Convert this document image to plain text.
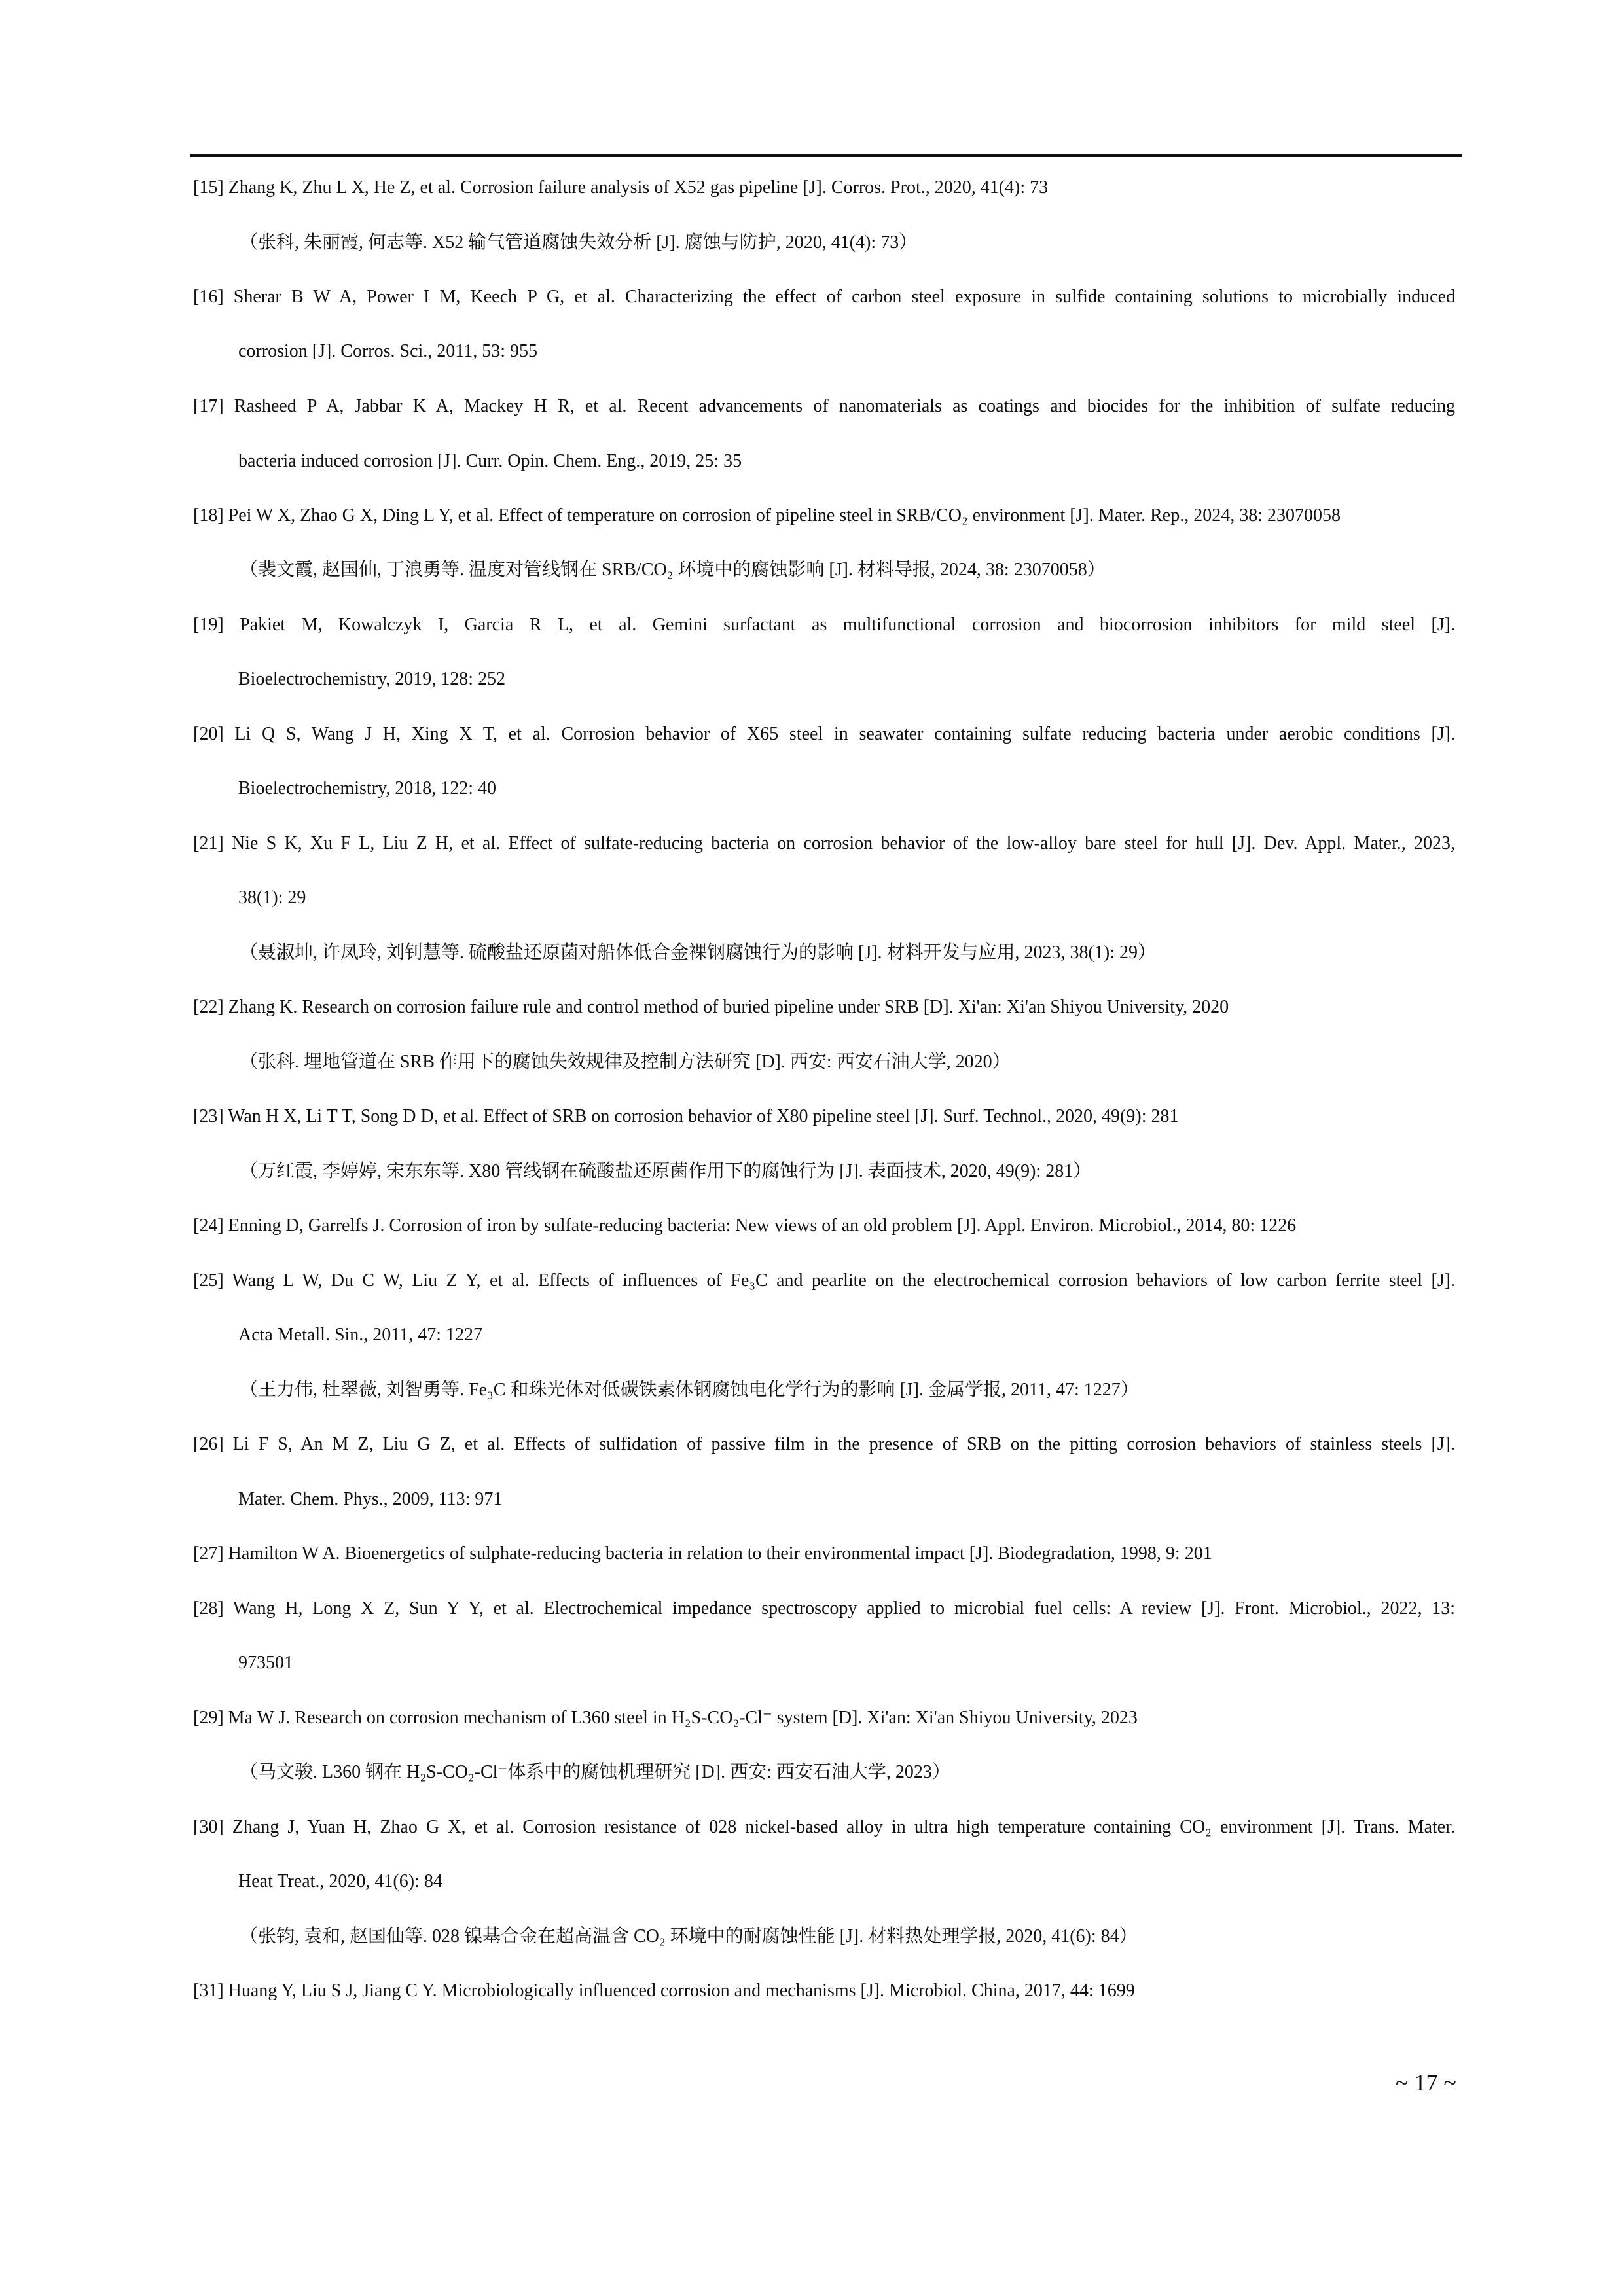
[15] Zhang K, Zhu L X, He Z, et al. Corrosion failure analysis of X52 gas pipeline [J]. Corros. Prot., 2020, 41(4): 73
（张科, 朱丽霞, 何志等. X52 输气管道腐蚀失效分析 [J]. 腐蚀与防护, 2020, 41(4): 73）
[16] Sherar B W A, Power I M, Keech P G, et al. Characterizing the effect of carbon steel exposure in sulfide containing solutions to microbially induced
corrosion [J]. Corros. Sci., 2011, 53: 955
[17] Rasheed P A, Jabbar K A, Mackey H R, et al. Recent advancements of nanomaterials as coatings and biocides for the inhibition of sulfate reducing
bacteria induced corrosion [J]. Curr. Opin. Chem. Eng., 2019, 25: 35
[18] Pei W X, Zhao G X, Ding L Y, et al. Effect of temperature on corrosion of pipeline steel in SRB/CO₂ environment [J]. Mater. Rep., 2024, 38: 23070058
（裴文霞, 赵国仙, 丁浪勇等. 温度对管线钢在 SRB/CO₂ 环境中的腐蚀影响 [J]. 材料导报, 2024, 38: 23070058）
[19] Pakiet M, Kowalczyk I, Garcia R L, et al. Gemini surfactant as multifunctional corrosion and biocorrosion inhibitors for mild steel [J].
Bioelectrochemistry, 2019, 128: 252
[20] Li Q S, Wang J H, Xing X T, et al. Corrosion behavior of X65 steel in seawater containing sulfate reducing bacteria under aerobic conditions [J].
Bioelectrochemistry, 2018, 122: 40
[21] Nie S K, Xu F L, Liu Z H, et al. Effect of sulfate-reducing bacteria on corrosion behavior of the low-alloy bare steel for hull [J]. Dev. Appl. Mater., 2023,
38(1): 29
（聂淑坤, 许凤玲, 刘钊慧等. 硫酸盐还原菌对船体低合金裸钢腐蚀行为的影响 [J]. 材料开发与应用, 2023, 38(1): 29）
[22] Zhang K. Research on corrosion failure rule and control method of buried pipeline under SRB [D]. Xi'an: Xi'an Shiyou University, 2020
（张科. 埋地管道在 SRB 作用下的腐蚀失效规律及控制方法研究 [D]. 西安: 西安石油大学, 2020）
[23] Wan H X, Li T T, Song D D, et al. Effect of SRB on corrosion behavior of X80 pipeline steel [J]. Surf. Technol., 2020, 49(9): 281
（万红霞, 李婷婷, 宋东东等. X80 管线钢在硫酸盐还原菌作用下的腐蚀行为 [J]. 表面技术, 2020, 49(9): 281）
[24] Enning D, Garrelfs J. Corrosion of iron by sulfate-reducing bacteria: New views of an old problem [J]. Appl. Environ. Microbiol., 2014, 80: 1226
[25] Wang L W, Du C W, Liu Z Y, et al. Effects of influences of Fe₃C and pearlite on the electrochemical corrosion behaviors of low carbon ferrite steel [J].
Acta Metall. Sin., 2011, 47: 1227
（王力伟, 杜翠薇, 刘智勇等. Fe₃C 和珠光体对低碳铁素体钢腐蚀电化学行为的影响 [J]. 金属学报, 2011, 47: 1227）
[26] Li F S, An M Z, Liu G Z, et al. Effects of sulfidation of passive film in the presence of SRB on the pitting corrosion behaviors of stainless steels [J].
Mater. Chem. Phys., 2009, 113: 971
[27] Hamilton W A. Bioenergetics of sulphate-reducing bacteria in relation to their environmental impact [J]. Biodegradation, 1998, 9: 201
[28] Wang H, Long X Z, Sun Y Y, et al. Electrochemical impedance spectroscopy applied to microbial fuel cells: A review [J]. Front. Microbiol., 2022, 13:
973501
[29] Ma W J. Research on corrosion mechanism of L360 steel in H₂S-CO₂-Cl⁻ system [D]. Xi'an: Xi'an Shiyou University, 2023
（马文骏. L360 钢在 H₂S-CO₂-Cl⁻体系中的腐蚀机理研究 [D]. 西安: 西安石油大学, 2023）
[30] Zhang J, Yuan H, Zhao G X, et al. Corrosion resistance of 028 nickel-based alloy in ultra high temperature containing CO₂ environment [J]. Trans. Mater.
Heat Treat., 2020, 41(6): 84
（张钧, 袁和, 赵国仙等. 028 镍基合金在超高温含 CO₂ 环境中的耐腐蚀性能 [J]. 材料热处理学报, 2020, 41(6): 84）
[31] Huang Y, Liu S J, Jiang C Y. Microbiologically influenced corrosion and mechanisms [J]. Microbiol. China, 2017, 44: 1699
~ 17 ~
